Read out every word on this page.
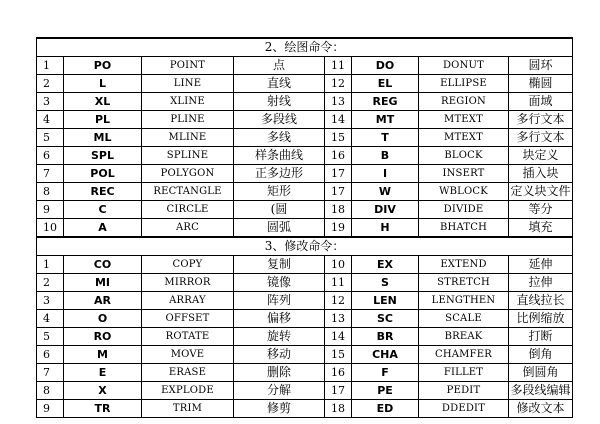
2、绘图命令：							
1	PO	POINT	点	11	DO	DONUT	圆环
2	L	LINE	直线	12	EL	ELLIPSE	椭圆
3	XL	XLINE	射线	13	REG	REGION	面域
4	PL	PLINE	多段线	14	MT	MTEXT	多行文本
5	ML	MLINE	多线	15	T	MTEXT	多行文本
6	SPL	SPLINE	样条曲线	16	B	BLOCK	块定义
7	POL	POLYGON	正多边形	17	I	INSERT	插入块
8	REC	RECTANGLE	矩形	17	W	WBLOCK	定义块文件
9	C	CIRCLE	(圆	18	DIV	DIVIDE	等分
10	A	ARC	圆弧	19	H	BHATCH	填充
3、修改命令：							
1	CO	COPY	复制	10	EX	EXTEND	延伸
2	MI	MIRROR	镜像	11	S	STRETCH	拉伸
3	AR	ARRAY	阵列	12	LEN	LENGTHEN	直线拉长
4	O	OFFSET	偏移	13	SC	SCALE	比例缩放
5	RO	ROTATE	旋转	14	BR	BREAK	打断
6	M	MOVE	移动	15	CHA	CHAMFER	倒角
7	E	ERASE	删除	16	F	FILLET	倒圆角
8	X	EXPLODE	分解	17	PE	PEDIT	多段线编辑
9	TR	TRIM	修剪	18	ED	DDEDIT	修改文本
